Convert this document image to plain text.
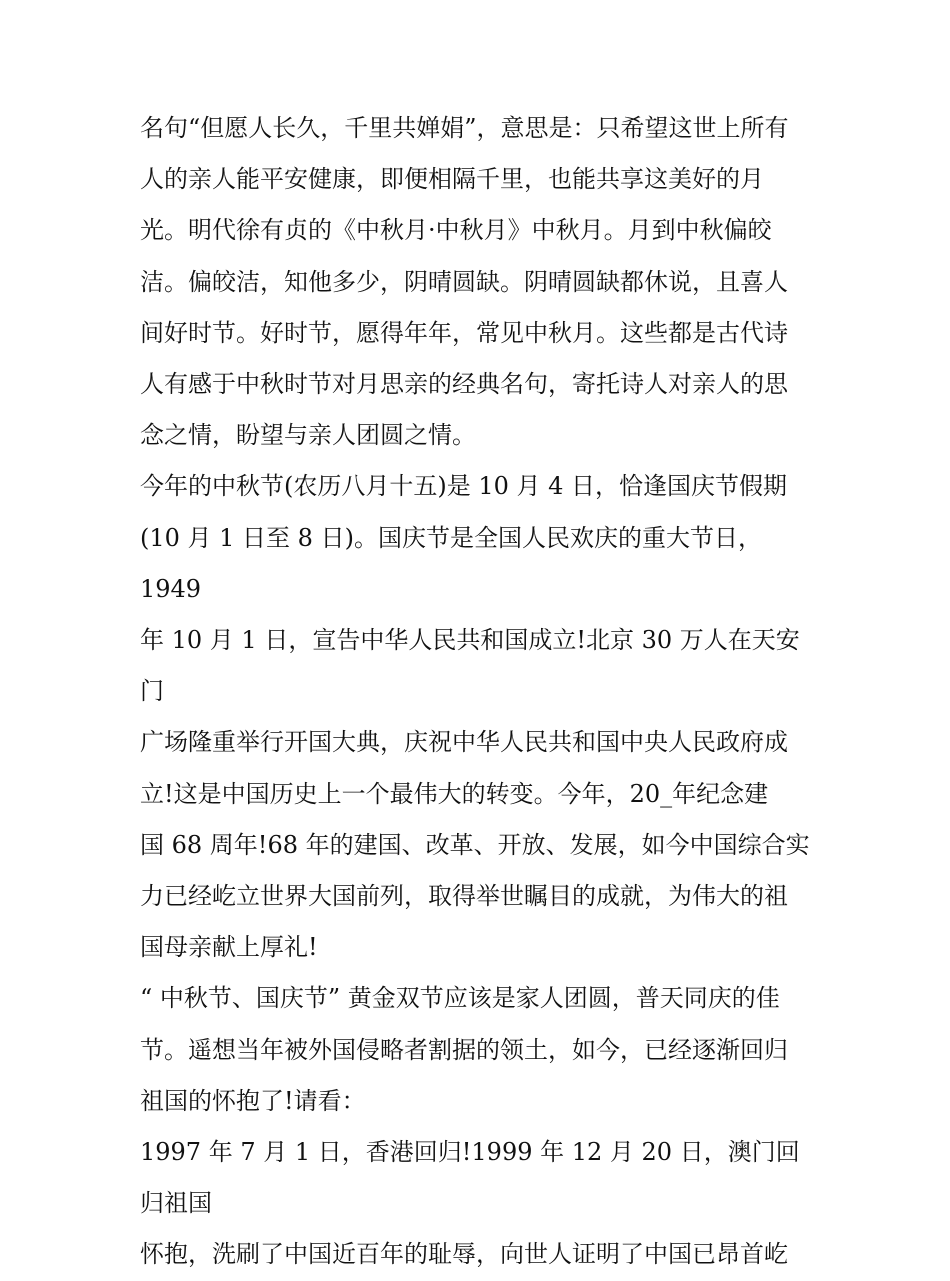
名句“但愿人长久，千里共婵娟”，意思是：只希望这世上所有
人的亲人能平安健康，即便相隔千里，也能共享这美好的月
光。明代徐有贞的《中秋月·中秋月》中秋月。月到中秋偏皎
洁。偏皎洁，知他多少，阴晴圆缺。阴晴圆缺都休说，且喜人
间好时节。好时节，愿得年年，常见中秋月。这些都是古代诗
人有感于中秋时节对月思亲的经典名句，寄托诗人对亲人的思
念之情，盼望与亲人团圆之情。

今年的中秋节(农历八月十五)是 10 月 4 日，恰逢国庆节假期
(10 月 1 日至 8 日)。国庆节是全国人民欢庆的重大节日，1949
年 10 月 1 日，宣告中华人民共和国成立!北京 30 万人在天安门
广场隆重举行开国大典，庆祝中华人民共和国中央人民政府成
立!这是中国历史上一个最伟大的转变。今年，20_年纪念建
国 68 周年!68 年的建国、改革、开放、发展，如今中国综合实
力已经屹立世界大国前列，取得举世瞩目的成就，为伟大的祖
国母亲献上厚礼!

“ 中秋节、国庆节” 黄金双节应该是家人团圆，普天同庆的佳
节。遥想当年被外国侵略者割据的领土，如今，已经逐渐回归
祖国的怀抱了!请看：

1997 年 7 月 1 日，香港回归!1999 年 12 月 20 日，澳门回归祖国
怀抱，洗刷了中国近百年的耻辱，向世人证明了中国已昂首屹
